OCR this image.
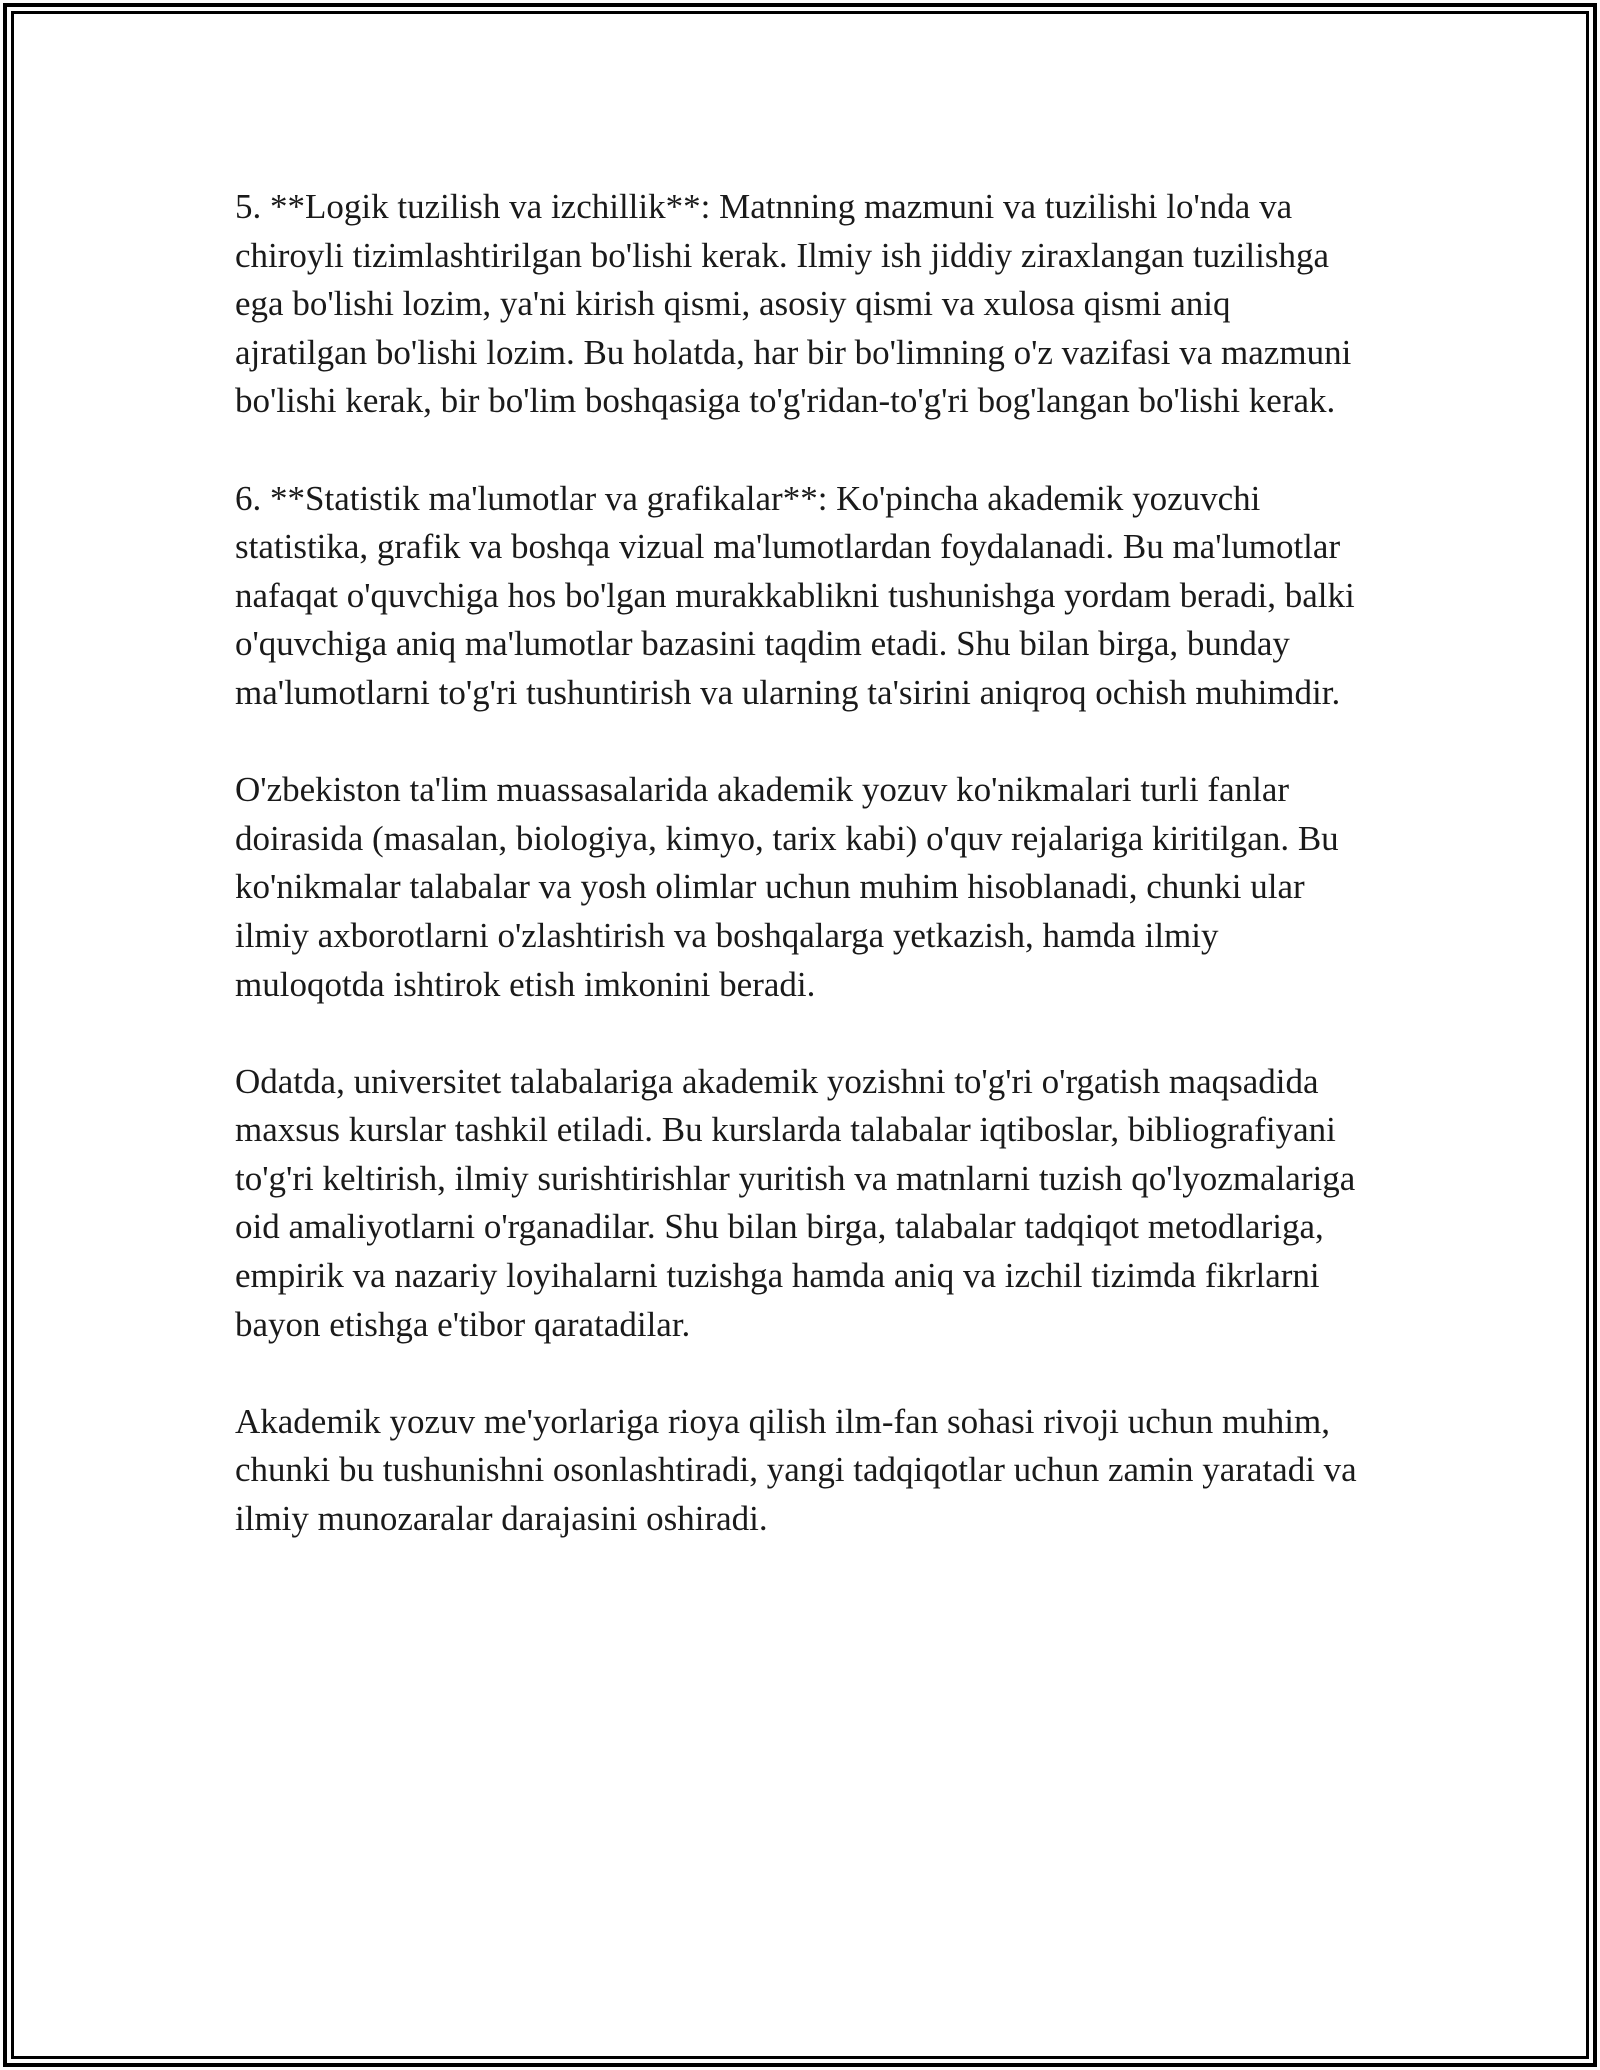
5. **Logik tuzilish va izchillik**: Matnning mazmuni va tuzilishi lo'nda va chiroyli tizimlashtirilgan bo'lishi kerak. Ilmiy ish jiddiy ziraxlangan tuzilishga ega bo'lishi lozim, ya'ni kirish qismi, asosiy qismi va xulosa qismi aniq ajratilgan bo'lishi lozim. Bu holatda, har bir bo'limning o'z vazifasi va mazmuni bo'lishi kerak, bir bo'lim boshqasiga to'g'ridan-to'g'ri bog'langan bo'lishi kerak.

6. **Statistik ma'lumotlar va grafikalar**: Ko'pincha akademik yozuvchi statistika, grafik va boshqa vizual ma'lumotlardan foydalanadi. Bu ma'lumotlar nafaqat o'quvchiga hos bo'lgan murakkablikni tushunishga yordam beradi, balki o'quvchiga aniq ma'lumotlar bazasini taqdim etadi. Shu bilan birga, bunday ma'lumotlarni to'g'ri tushuntirish va ularning ta'sirini aniqroq ochish muhimdir.

O'zbekiston ta'lim muassasalarida akademik yozuv ko'nikmalari turli fanlar doirasida (masalan, biologiya, kimyo, tarix kabi) o'quv rejalariga kiritilgan. Bu ko'nikmalar talabalar va yosh olimlar uchun muhim hisoblanadi, chunki ular ilmiy axborotlarni o'zlashtirish va boshqalarga yetkazish, hamda ilmiy muloqotda ishtirok etish imkonini beradi.

Odatda, universitet talabalariga akademik yozishni to'g'ri o'rgatish maqsadida maxsus kurslar tashkil etiladi. Bu kurslarda talabalar iqtiboslar, bibliografiyani to'g'ri keltirish, ilmiy surishtirishlar yuritish va matnlarni tuzish qo'lyozmalariga oid amaliyotlarni o'rganadilar. Shu bilan birga, talabalar tadqiqot metodlariga, empirik va nazariy loyihalarni tuzishga hamda aniq va izchil tizimda fikrlarni bayon etishga e'tibor qaratadilar.

Akademik yozuv me'yorlariga rioya qilish ilm-fan sohasi rivoji uchun muhim, chunki bu tushunishni osonlashtiradi, yangi tadqiqotlar uchun zamin yaratadi va ilmiy munozaralar darajasini oshiradi.
